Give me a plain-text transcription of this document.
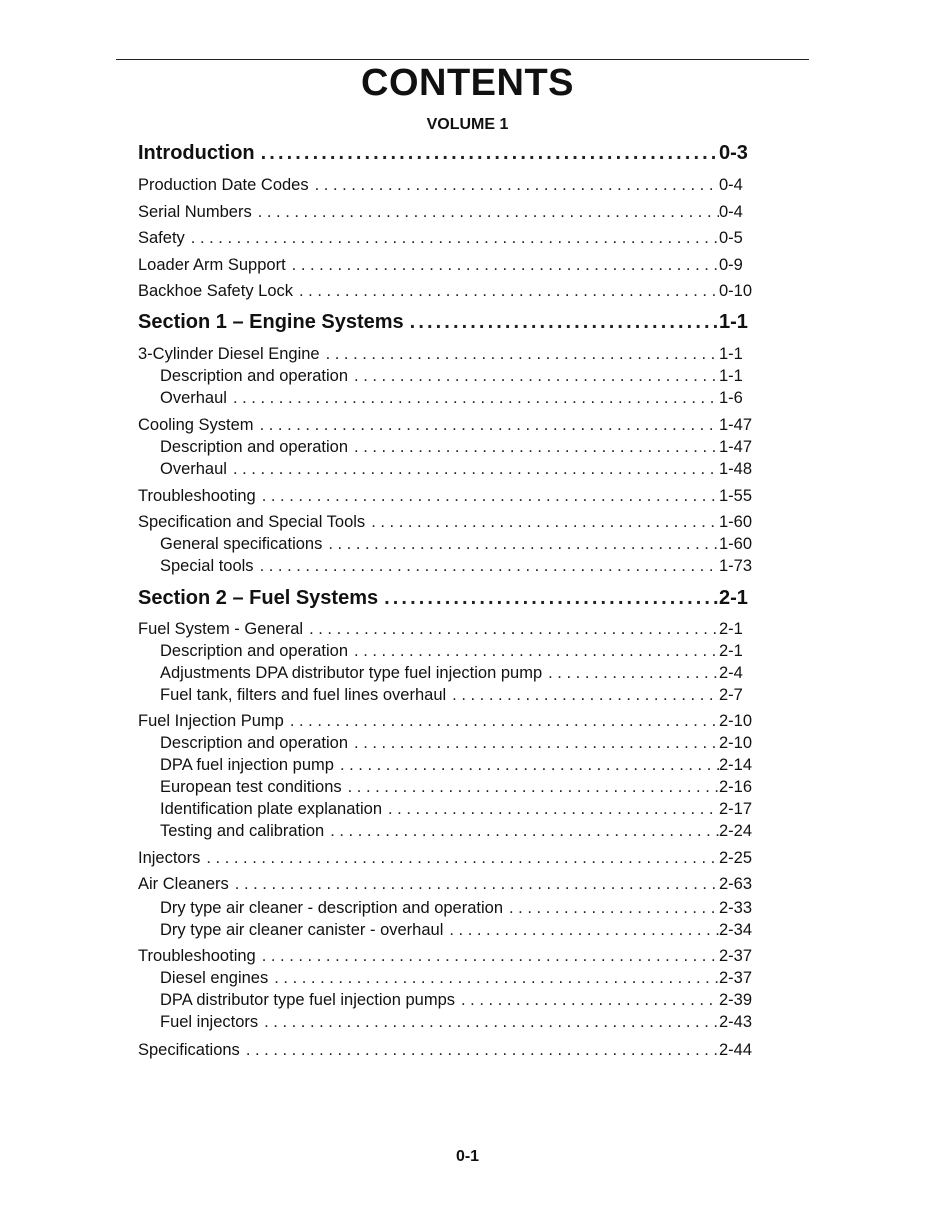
CONTENTS
VOLUME 1
Introduction .....	0-3
Production Date Codes . . .	0-4
Serial Numbers . . .	0-4
Safety . . .	0-5
Loader Arm Support . . .	0-9
Backhoe Safety Lock . . .	0-10
Section 1 – Engine Systems .....	1-1
3-Cylinder Diesel Engine . . .	1-1
Description and operation . . .	1-1
Overhaul . . .	1-6
Cooling System . . .	1-47
Description and operation . . .	1-47
Overhaul . . .	1-48
Troubleshooting . . .	1-55
Specification and Special Tools . . .	1-60
General specifications . . .	1-60
Special tools . . .	1-73
Section 2 – Fuel Systems .....	2-1
Fuel System - General . . .	2-1
Description and operation . . .	2-1
Adjustments DPA distributor type fuel injection pump . . .	2-4
Fuel tank, filters and fuel lines overhaul . . .	2-7
Fuel Injection Pump . . .	2-10
Description and operation . . .	2-10
DPA fuel injection pump . . .	2-14
European test conditions . . .	2-16
Identification plate explanation . . .	2-17
Testing and calibration . . .	2-24
Injectors . . .	2-25
Air Cleaners . . .	2-63
Dry type air cleaner - description and operation . . .	2-33
Dry type air cleaner canister - overhaul . . .	2-34
Troubleshooting . . .	2-37
Diesel engines . . .	2-37
DPA distributor type fuel injection pumps . . .	2-39
Fuel injectors . . .	2-43
Specifications . . .	2-44
0-1
